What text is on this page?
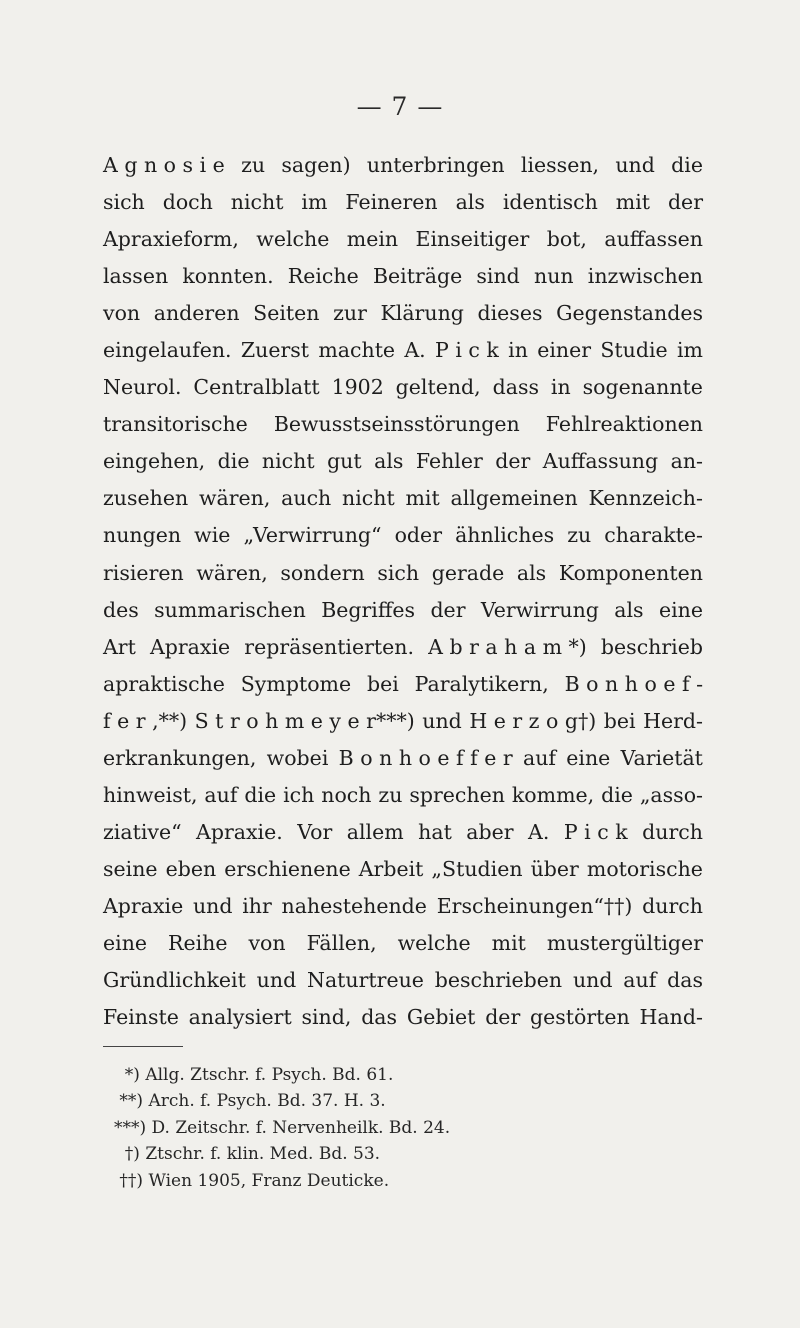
— 7 —
A g n o s i e zu sagen) unterbringen liessen, und die
sich doch nicht im Feineren als identisch mit der
Apraxieform, welche mein Einseitiger bot, auffassen
lassen konnten. Reiche Beiträge sind nun inzwischen
von anderen Seiten zur Klärung dieses Gegenstandes
eingelaufen. Zuerst machte A. P i c k in einer Studie im
Neurol. Centralblatt 1902 geltend, dass in sogenannte
transitorische Bewusstseinsstörungen Fehlreaktionen
eingehen, die nicht gut als Fehler der Auffassung an-
zusehen wären, auch nicht mit allgemeinen Kennzeich-
nungen wie „Verwirrung“ oder ähnliches zu charakte-
risieren wären, sondern sich gerade als Komponenten
des summarischen Begriffes der Verwirrung als eine
Art Apraxie repräsentierten. A b r a h a m *) beschrieb
apraktische Symptome bei Paralytikern, B o n h o e f -
f e r ,**) S t r o h m e y e r***) und H e r z o g†) bei Herd-
erkrankungen, wobei B o n h o e f f e r auf eine Varietät
hinweist, auf die ich noch zu sprechen komme, die „asso-
ziative“ Apraxie. Vor allem hat aber A. P i c k durch
seine eben erschienene Arbeit „Studien über motorische
Apraxie und ihr nahestehende Erscheinungen“††) durch
eine Reihe von Fällen, welche mit mustergültiger
Gründlichkeit und Naturtreue beschrieben und auf das
Feinste analysiert sind, das Gebiet der gestörten Hand-
*) Allg. Ztschr. f. Psych. Bd. 61.
**) Arch. f. Psych. Bd. 37. H. 3.
***) D. Zeitschr. f. Nervenheilk. Bd. 24.
†) Ztschr. f. klin. Med. Bd. 53.
††) Wien 1905, Franz Deuticke.
